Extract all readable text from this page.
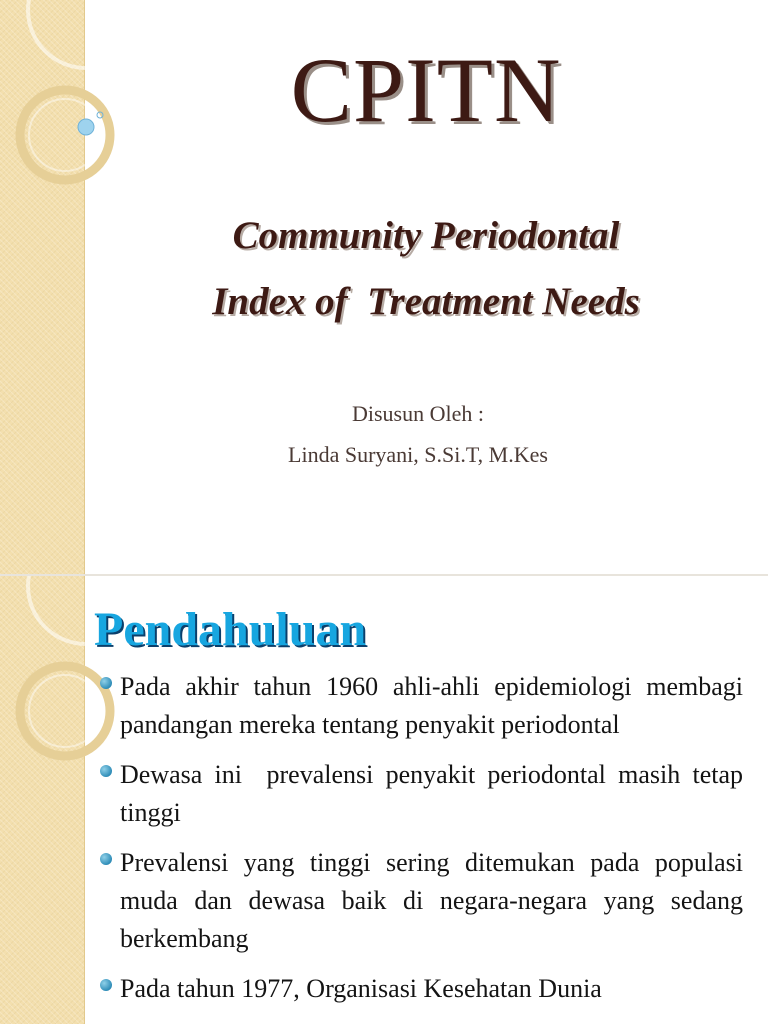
CPITN
Community Periodontal
Index of  Treatment Needs
Disusun Oleh :
Linda Suryani, S.Si.T, M.Kes
Pendahuluan
Pada akhir tahun 1960 ahli-ahli epidemiologi membagi pandangan mereka tentang penyakit periodontal
Dewasa ini  prevalensi penyakit periodontal masih tetap tinggi
Prevalensi yang tinggi sering ditemukan pada populasi muda dan dewasa baik di negara-negara yang sedang berkembang
Pada tahun 1977, Organisasi Kesehatan Dunia
